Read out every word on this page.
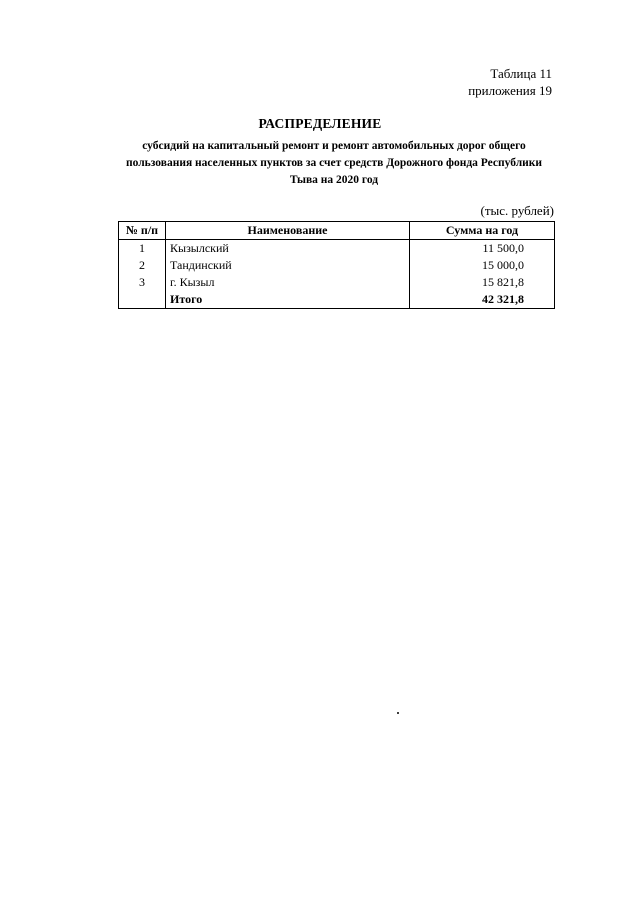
Таблица 11
приложения 19
РАСПРЕДЕЛЕНИЕ
субсидий на капитальный ремонт и ремонт автомобильных дорог общего пользования населенных пунктов за счет средств Дорожного фонда Республики Тыва на 2020 год
(тыс. рублей)
№ п/п	Наименование	Сумма на год
1	Кызылский	11 500,0
2	Тандинский	15 000,0
3	г. Кызыл	15 821,8
	Итого	42 321,8
